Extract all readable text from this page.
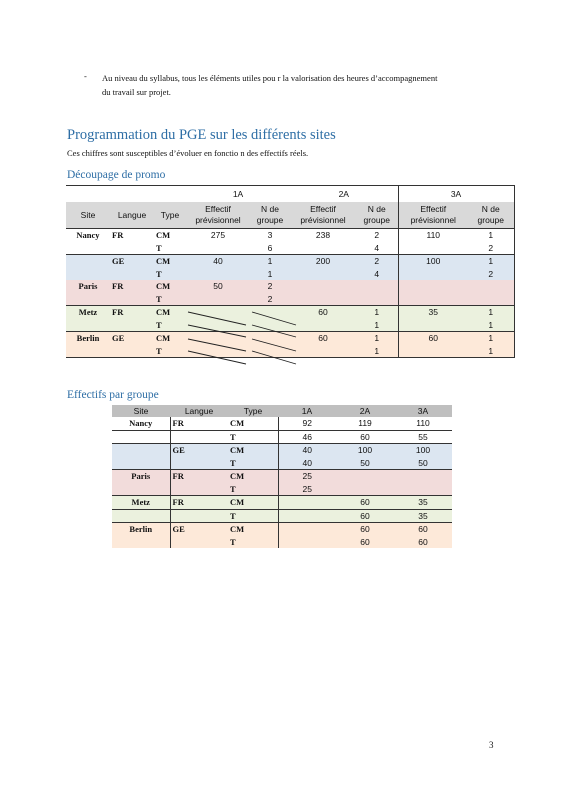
- Au niveau du syllabus, tous les éléments utiles pou r la valorisation des heures d’accompagnement du travail sur projet.
Programmation du PGE sur les différents sites
Ces chiffres sont susceptibles d’évoluer en fonctio n des effectifs réels.
Découpage de promo
			1A		2A		3A	
Site	Langue	Type	Effectif prévisionnel	N de groupe	Effectif prévisionnel	N de groupe	Effectif prévisionnel	N de groupe
Nancy	FR	CM	275	3	238	2	110	1
		T		6		4		2
	GE	CM	40	1	200	2	100	1
		T		1		4		2
Paris	FR	CM	50	2				
		T		2				
Metz	FR	CM			60	1	35	1
		T				1		1
Berlin	GE	CM			60	1	60	1
		T				1		1
Effectifs par groupe
Site	Langue	Type	1A	2A	3A
Nancy	FR	CM	92	119	110
		T	46	60	55
	GE	CM	40	100	100
		T	40	50	50
Paris	FR	CM	25		
		T	25		
Metz	FR	CM		60	35
		T		60	35
Berlin	GE	CM		60	60
		T		60	60
3
